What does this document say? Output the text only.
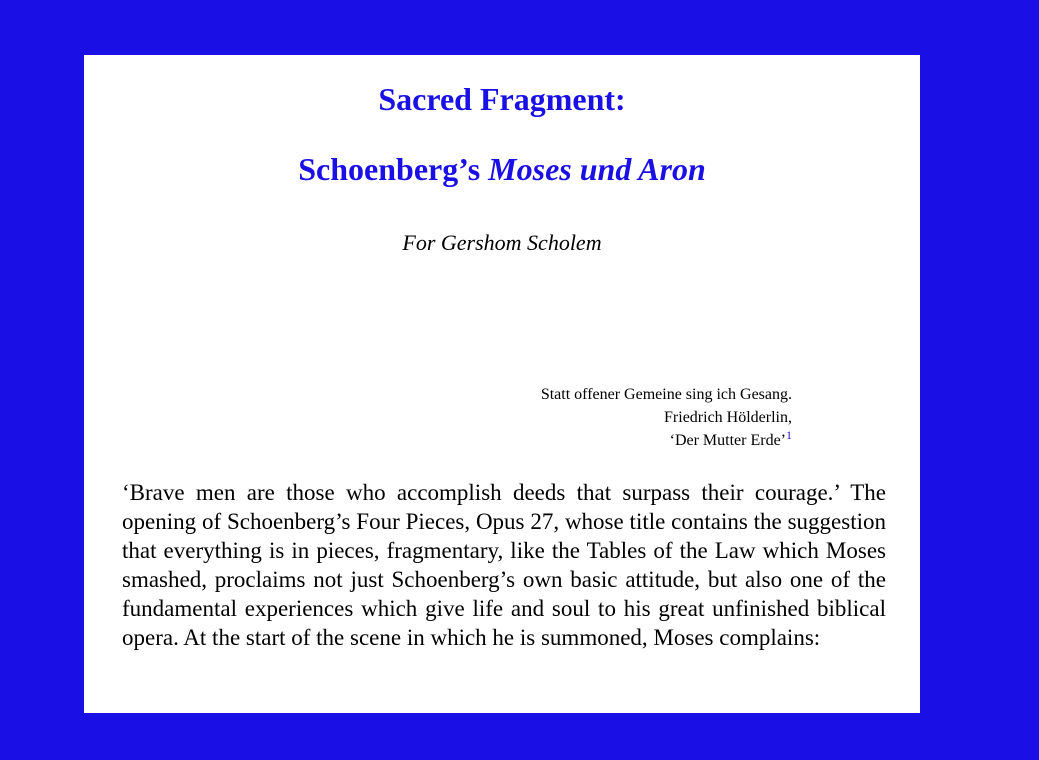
Sacred Fragment:
Schoenberg’s Moses und Aron
For Gershom Scholem
Statt offener Gemeine sing ich Gesang.
Friedrich Hölderlin,
‘Der Mutter Erde’$^1$

‘Brave men are those who accomplish deeds that surpass their courage.’ The opening of Schoenberg’s Four Pieces, Opus 27, whose title contains the suggestion that everything is in pieces, fragmentary, like the Tables of the Law which Moses smashed, proclaims not just Schoenberg’s own basic attitude, but also one of the fundamental experiences which give life and soul to his great unfinished biblical opera. At the start of the scene in which he is summoned, Moses complains:
